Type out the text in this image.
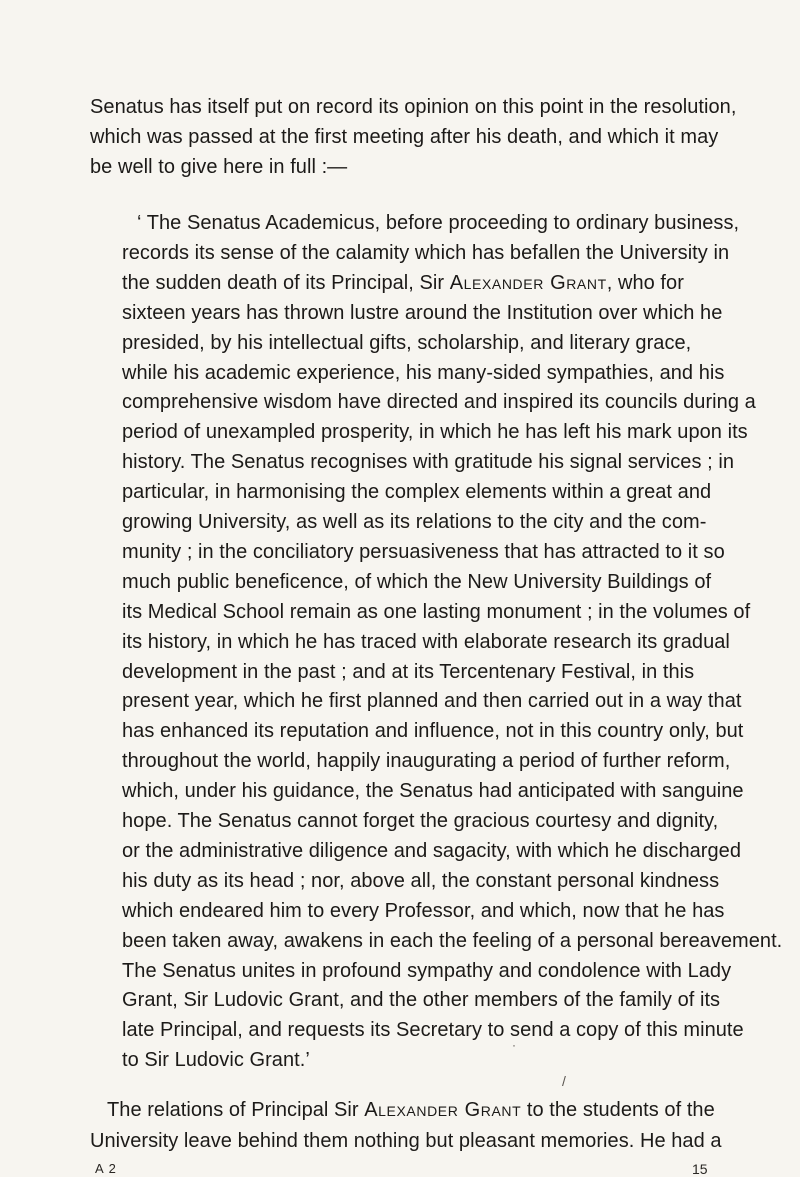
Senatus has itself put on record its opinion on this point in the resolution,
which was passed at the first meeting after his death, and which it may
be well to give here in full :—
‘ The Senatus Academicus, before proceeding to ordinary business,
records its sense of the calamity which has befallen the University in
the sudden death of its Principal, Sir Alexander Grant, who for
sixteen years has thrown lustre around the Institution over which he
presided, by his intellectual gifts, scholarship, and literary grace,
while his academic experience, his many-sided sympathies, and his
comprehensive wisdom have directed and inspired its councils during a
period of unexampled prosperity, in which he has left his mark upon its
history. The Senatus recognises with gratitude his signal services ; in
particular, in harmonising the complex elements within a great and
growing University, as well as its relations to the city and the com-
munity ; in the conciliatory persuasiveness that has attracted to it so
much public beneficence, of which the New University Buildings of
its Medical School remain as one lasting monument ; in the volumes of
its history, in which he has traced with elaborate research its gradual
development in the past ; and at its Tercentenary Festival, in this
present year, which he first planned and then carried out in a way that
has enhanced its reputation and influence, not in this country only, but
throughout the world, happily inaugurating a period of further reform,
which, under his guidance, the Senatus had anticipated with sanguine
hope. The Senatus cannot forget the gracious courtesy and dignity,
or the administrative diligence and sagacity, with which he discharged
his duty as its head ; nor, above all, the constant personal kindness
which endeared him to every Professor, and which, now that he has
been taken away, awakens in each the feeling of a personal bereavement.
The Senatus unites in profound sympathy and condolence with Lady
Grant, Sir Ludovic Grant, and the other members of the family of its
late Principal, and requests its Secretary to send a copy of this minute
to Sir Ludovic Grant.’
·
/
A 2	15
The relations of Principal Sir Alexander Grant to the students of the
University leave behind them nothing but pleasant memories. He had a
